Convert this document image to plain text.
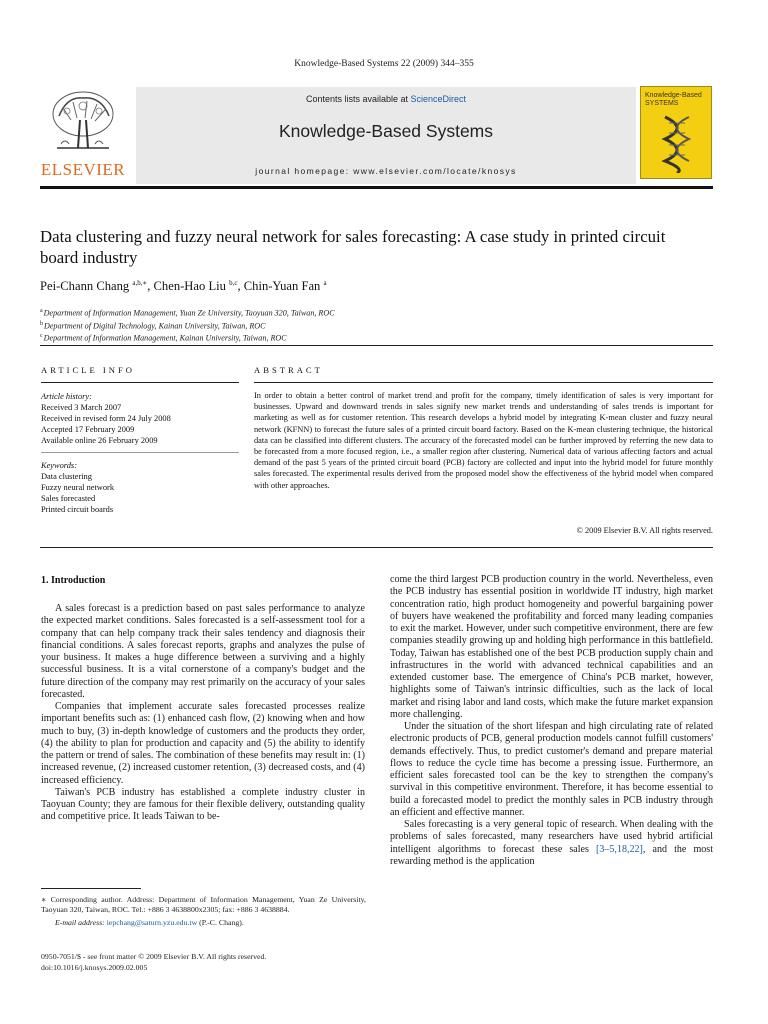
Knowledge-Based Systems 22 (2009) 344–355
ELSEVIER
Contents lists available at ScienceDirect
Knowledge-Based Systems
journal homepage: www.elsevier.com/locate/knosys
Knowledge-Based SYSTEMS
Data clustering and fuzzy neural network for sales forecasting: A case study in printed circuit board industry
Pei-Chann Chang $^{a,b,∗}$, Chen-Hao Liu $^{b,c}$, Chin-Yuan Fan $^a$
$^a$Department of Information Management, Yuan Ze University, Taoyuan 320, Taiwan, ROC
$^b$Department of Digital Technology, Kainan University, Taiwan, ROC
$^c$Department of Information Management, Kainan University, Taiwan, ROC
ARTICLE INFO
Article history:
Received 3 March 2007
Received in revised form 24 July 2008
Accepted 17 February 2009
Available online 26 February 2009
Keywords:
Data clustering
Fuzzy neural network
Sales forecasted
Printed circuit boards
ABSTRACT
In order to obtain a better control of market trend and profit for the company, timely identification of sales is very important for businesses. Upward and downward trends in sales signify new market trends and understanding of sales trends is important for marketing as well as for customer retention. This research develops a hybrid model by integrating K-mean cluster and fuzzy neural network (KFNN) to forecast the future sales of a printed circuit board factory. Based on the K-mean clustering technique, the historical data can be classified into different clusters. The accuracy of the forecasted model can be further improved by referring the new data to be forecasted from a more focused region, i.e., a smaller region after clustering. Numerical data of various affecting factors and actual demand of the past 5 years of the printed circuit board (PCB) factory are collected and input into the hybrid model for future monthly sales forecasted. The experimental results derived from the proposed model show the effectiveness of the hybrid model when compared with other approaches.
© 2009 Elsevier B.V. All rights reserved.
1. Introduction

A sales forecast is a prediction based on past sales performance to analyze the expected market conditions. Sales forecasted is a self-assessment tool for a company that can help company track their sales tendency and diagnosis their financial conditions. A sales forecast reports, graphs and analyzes the pulse of your business. It makes a huge difference between a surviving and a highly successful business. It is a vital cornerstone of a company's budget and the future direction of the company may rest primarily on the accuracy of your sales forecasted.

Companies that implement accurate sales forecasted processes realize important benefits such as: (1) enhanced cash flow, (2) knowing when and how much to buy, (3) in-depth knowledge of customers and the products they order, (4) the ability to plan for production and capacity and (5) the ability to identify the pattern or trend of sales. The combination of these benefits may result in: (1) increased revenue, (2) increased customer retention, (3) decreased costs, and (4) increased efficiency.

Taiwan's PCB industry has established a complete industry cluster in Taoyuan County; they are famous for their flexible delivery, outstanding quality and competitive price. It leads Taiwan to be-

come the third largest PCB production country in the world. Nevertheless, even the PCB industry has essential position in worldwide IT industry, high market concentration ratio, high product homogeneity and powerful bargaining power of buyers have weakened the profitability and forced many leading companies to exit the market. However, under such competitive environment, there are few companies steadily growing up and holding high performance in this battlefield. Today, Taiwan has established one of the best PCB production supply chain and infrastructures in the world with advanced technical capabilities and an extended customer base. The emergence of China's PCB market, however, highlights some of Taiwan's intrinsic difficulties, such as the lack of local market and rising labor and land costs, which make the future market expansion more challenging.

Under the situation of the short lifespan and high circulating rate of related electronic products of PCB, general production models cannot fulfill customers' demands effectively. Thus, to predict customer's demand and prepare material flows to reduce the cycle time has become a pressing issue. Furthermore, an efficient sales forecasted tool can be the key to strengthen the company's survival in this competitive environment. Therefore, it has become essential to build a forecasted model to predict the monthly sales in PCB industry through an efficient and effective manner.

Sales forecasting is a very general topic of research. When dealing with the problems of sales forecasted, many researchers have used hybrid artificial intelligent algorithms to forecast these sales [3–5,18,22], and the most rewarding method is the application

∗ Corresponding author. Address: Department of Information Management, Yuan Ze University, Taoyuan 320, Taiwan, ROC. Tel.: +886 3 4638800x2305; fax: +886 3 4638884.
E-mail address: iepchang@saturn.yzu.edu.tw (P.-C. Chang).
0950-7051/$ - see front matter © 2009 Elsevier B.V. All rights reserved.
doi:10.1016/j.knosys.2009.02.005
